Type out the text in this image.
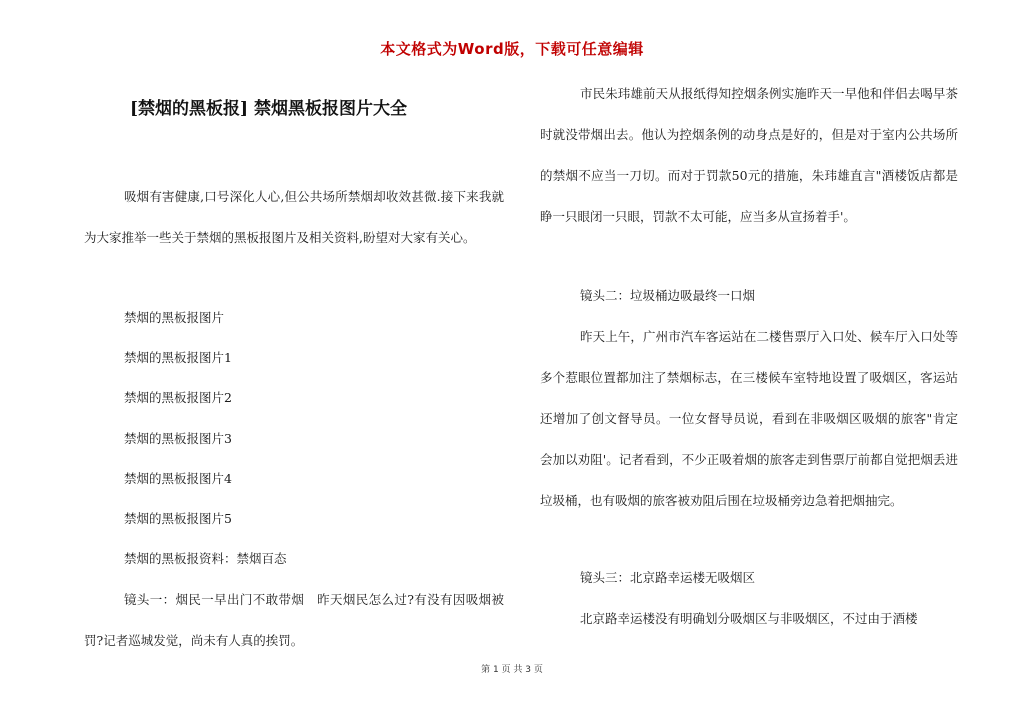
本文格式为Word版，下载可任意编辑
[禁烟的黑板报] 禁烟黑板报图片大全

吸烟有害健康,口号深化人心,但公共场所禁烟却收效甚微.接下来我就为大家推举一些关于禁烟的黑板报图片及相关资料,盼望对大家有关心。

禁烟的黑板报图片

禁烟的黑板报图片1

禁烟的黑板报图片2

禁烟的黑板报图片3

禁烟的黑板报图片4

禁烟的黑板报图片5

禁烟的黑板报资料：禁烟百态

镜头一：烟民一早出门不敢带烟　昨天烟民怎么过?有没有因吸烟被罚?记者巡城发觉，尚未有人真的挨罚。

市民朱玮雄前天从报纸得知控烟条例实施昨天一早他和伴侣去喝早茶时就没带烟出去。他认为控烟条例的动身点是好的，但是对于室内公共场所的禁烟不应当一刀切。而对于罚款50元的措施，朱玮雄直言"酒楼饭店都是睁一只眼闭一只眼，罚款不太可能，应当多从宣扬着手'。

镜头二：垃圾桶边吸最终一口烟

昨天上午，广州市汽车客运站在二楼售票厅入口处、候车厅入口处等多个惹眼位置都加注了禁烟标志，在三楼候车室特地设置了吸烟区，客运站还增加了创文督导员。一位女督导员说，看到在非吸烟区吸烟的旅客"肯定会加以劝阻'。记者看到，不少正吸着烟的旅客走到售票厅前都自觉把烟丢进垃圾桶，也有吸烟的旅客被劝阻后围在垃圾桶旁边急着把烟抽完。

镜头三：北京路幸运楼无吸烟区

北京路幸运楼没有明确划分吸烟区与非吸烟区，不过由于酒楼

第 1 页 共 3 页
